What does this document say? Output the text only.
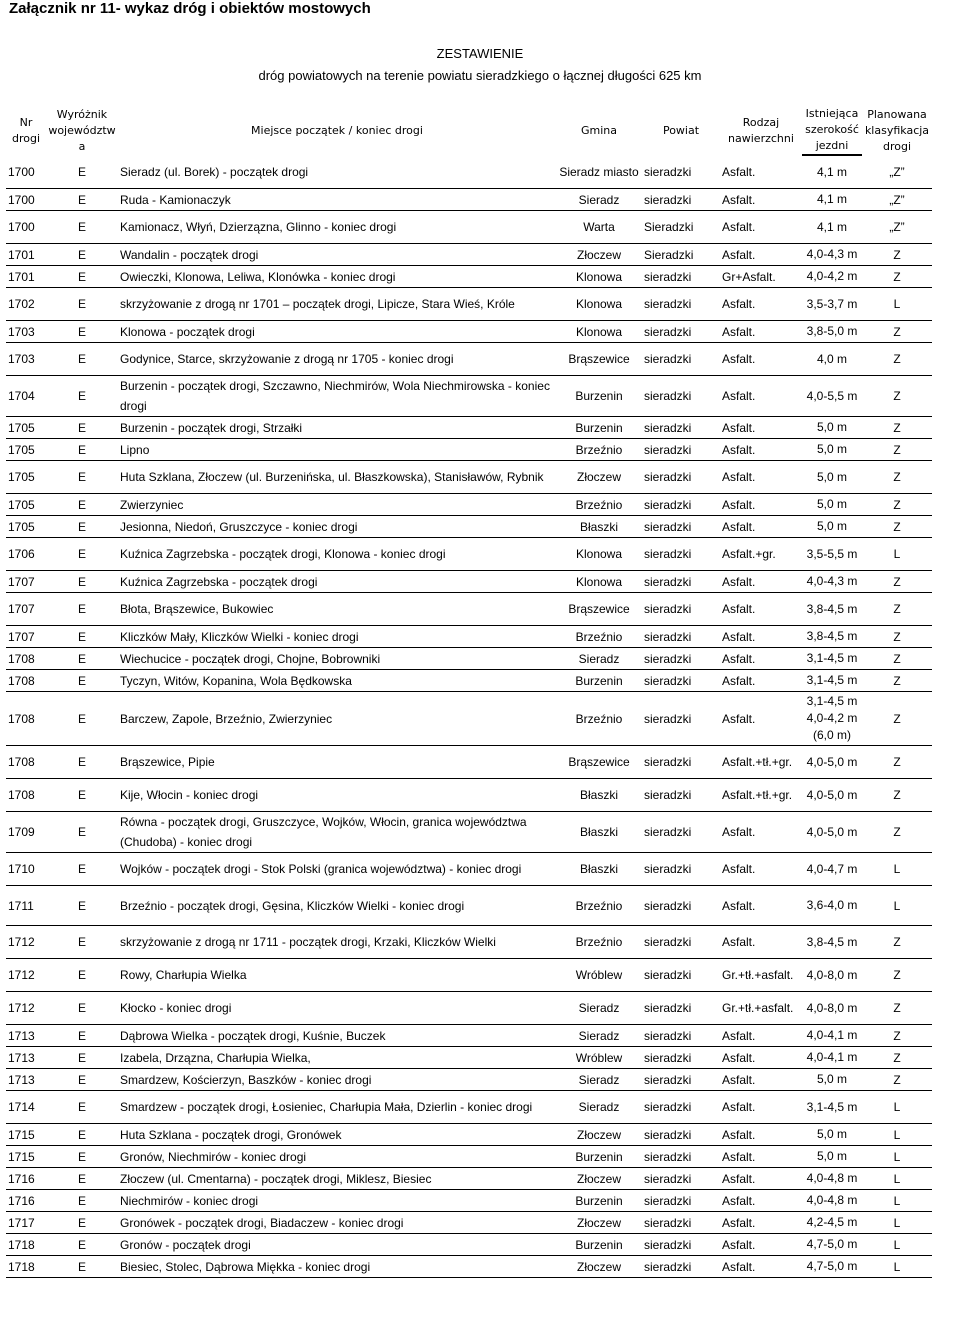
Załącznik nr 11- wykaz dróg i obiektów mostowych
ZESTAWIENIE
dróg powiatowych na terenie powiatu sieradzkiego o łącznej długości 625 km
Nr drogi	Wyróżnik województw a	Miejsce początek / koniec drogi	Gmina	Powiat	Rodzaj nawierzchni	Istniejąca szerokość jezdni	Planowana klasyfikacja drogi
1700	E	Sieradz (ul. Borek) - początek drogi	Sieradz miasto	sieradzki	Asfalt.	4,1 m	„Z”
1700	E	Ruda - Kamionaczyk	Sieradz	sieradzki	Asfalt.	4,1 m	„Z”
1700	E	Kamionacz, Włyń, Dzierzązna, Glinno - koniec drogi	Warta	Sieradzki	Asfalt.	4,1 m	„Z”
1701	E	Wandalin - początek drogi	Złoczew	Sieradzki	Asfalt.	4,0-4,3 m	Z
1701	E	Owieczki, Klonowa, Leliwa, Klonówka - koniec drogi	Klonowa	sieradzki	Gr+Asfalt.	4,0-4,2 m	Z
1702	E	skrzyżowanie z drogą nr 1701 – początek drogi, Lipicze, Stara Wieś, Króle	Klonowa	sieradzki	Asfalt.	3,5-3,7 m	L
1703	E	Klonowa - początek drogi	Klonowa	sieradzki	Asfalt.	3,8-5,0 m	Z
1703	E	Godynice, Starce, skrzyżowanie z drogą nr 1705 - koniec drogi	Brąszewice	sieradzki	Asfalt.	4,0 m	Z
1704	E	Burzenin - początek drogi, Szczawno, Niechmirów, Wola Niechmirowska - koniec drogi	Burzenin	sieradzki	Asfalt.	4,0-5,5 m	Z
1705	E	Burzenin - początek drogi, Strzałki	Burzenin	sieradzki	Asfalt.	5,0 m	Z
1705	E	Lipno	Brzeźnio	sieradzki	Asfalt.	5,0 m	Z
1705	E	Huta Szklana, Złoczew (ul. Burzenińska, ul. Błaszkowska), Stanisławów, Rybnik	Złoczew	sieradzki	Asfalt.	5,0 m	Z
1705	E	Zwierzyniec	Brzeźnio	sieradzki	Asfalt.	5,0 m	Z
1705	E	Jesionna, Niedoń, Gruszczyce - koniec drogi	Błaszki	sieradzki	Asfalt.	5,0 m	Z
1706	E	Kuźnica Zagrzebska - początek drogi, Klonowa - koniec drogi	Klonowa	sieradzki	Asfalt.+gr.	3,5-5,5 m	L
1707	E	Kuźnica Zagrzebska - początek drogi	Klonowa	sieradzki	Asfalt.	4,0-4,3 m	Z
1707	E	Błota, Brąszewice, Bukowiec	Brąszewice	sieradzki	Asfalt.	3,8-4,5 m	Z
1707	E	Kliczków Mały, Kliczków Wielki - koniec drogi	Brzeźnio	sieradzki	Asfalt.	3,8-4,5 m	Z
1708	E	Wiechucice - początek drogi, Chojne, Bobrowniki	Sieradz	sieradzki	Asfalt.	3,1-4,5 m	Z
1708	E	Tyczyn, Witów, Kopanina, Wola Będkowska	Burzenin	sieradzki	Asfalt.	3,1-4,5 m	Z
1708	E	Barczew, Zapole, Brzeźnio, Zwierzyniec	Brzeźnio	sieradzki	Asfalt.	3,1-4,5 m 4,0-4,2 m (6,0 m)	Z
1708	E	Brąszewice, Pipie	Brąszewice	sieradzki	Asfalt.+tł.+gr.	4,0-5,0 m	Z
1708	E	Kije, Włocin - koniec drogi	Błaszki	sieradzki	Asfalt.+tł.+gr.	4,0-5,0 m	Z
1709	E	Równa - początek drogi, Gruszczyce, Wojków, Włocin, granica województwa (Chudoba) - koniec drogi	Błaszki	sieradzki	Asfalt.	4,0-5,0 m	Z
1710	E	Wojków - początek drogi - Stok Polski (granica województwa) - koniec drogi	Błaszki	sieradzki	Asfalt.	4,0-4,7 m	L
1711	E	Brzeźnio - początek drogi, Gęsina, Kliczków Wielki - koniec drogi	Brzeźnio	sieradzki	Asfalt.	3,6-4,0 m	L
1712	E	skrzyżowanie z drogą nr 1711 - początek drogi, Krzaki, Kliczków Wielki	Brzeźnio	sieradzki	Asfalt.	3,8-4,5 m	Z
1712	E	Rowy, Charłupia Wielka	Wróblew	sieradzki	Gr.+tł.+asfalt.	4,0-8,0 m	Z
1712	E	Kłocko - koniec drogi	Sieradz	sieradzki	Gr.+tł.+asfalt.	4,0-8,0 m	Z
1713	E	Dąbrowa Wielka - początek drogi, Kuśnie, Buczek	Sieradz	sieradzki	Asfalt.	4,0-4,1 m	Z
1713	E	Izabela, Drzązna, Charłupia Wielka,	Wróblew	sieradzki	Asfalt.	4,0-4,1 m	Z
1713	E	Smardzew, Kościerzyn, Baszków - koniec drogi	Sieradz	sieradzki	Asfalt.	5,0 m	Z
1714	E	Smardzew - początek drogi, Łosieniec, Charłupia Mała, Dzierlin - koniec drogi	Sieradz	sieradzki	Asfalt.	3,1-4,5 m	L
1715	E	Huta Szklana - początek drogi, Gronówek	Złoczew	sieradzki	Asfalt.	5,0 m	L
1715	E	Gronów, Niechmirów - koniec drogi	Burzenin	sieradzki	Asfalt.	5,0 m	L
1716	E	Złoczew (ul. Cmentarna) - początek drogi, Miklesz, Biesiec	Złoczew	sieradzki	Asfalt.	4,0-4,8 m	L
1716	E	Niechmirów - koniec drogi	Burzenin	sieradzki	Asfalt.	4,0-4,8 m	L
1717	E	Gronówek - początek drogi, Biadaczew - koniec drogi	Złoczew	sieradzki	Asfalt.	4,2-4,5 m	L
1718	E	Gronów - początek drogi	Burzenin	sieradzki	Asfalt.	4,7-5,0 m	L
1718	E	Biesiec, Stolec, Dąbrowa Miękka - koniec drogi	Złoczew	sieradzki	Asfalt.	4,7-5,0 m	L
